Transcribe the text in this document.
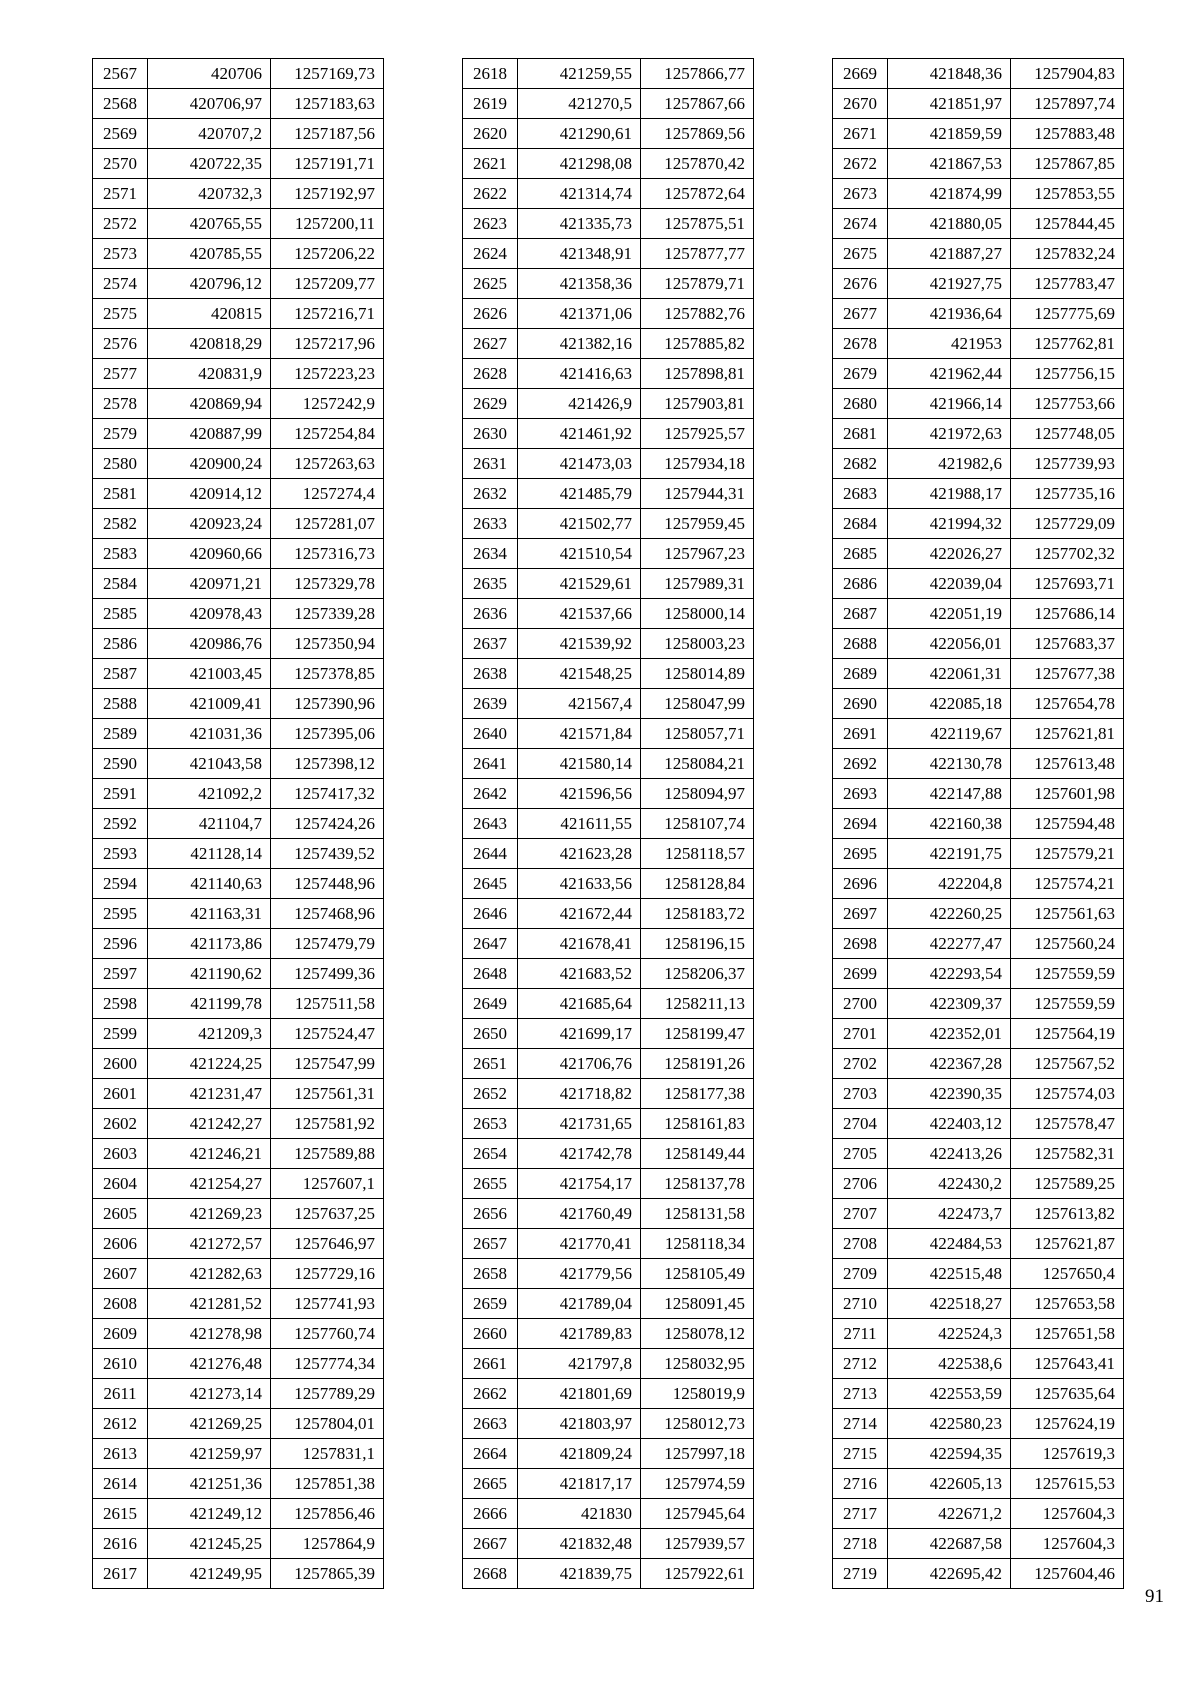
2567	420706	1257169,73
2568	420706,97	1257183,63
2569	420707,2	1257187,56
2570	420722,35	1257191,71
2571	420732,3	1257192,97
2572	420765,55	1257200,11
2573	420785,55	1257206,22
2574	420796,12	1257209,77
2575	420815	1257216,71
2576	420818,29	1257217,96
2577	420831,9	1257223,23
2578	420869,94	1257242,9
2579	420887,99	1257254,84
2580	420900,24	1257263,63
2581	420914,12	1257274,4
2582	420923,24	1257281,07
2583	420960,66	1257316,73
2584	420971,21	1257329,78
2585	420978,43	1257339,28
2586	420986,76	1257350,94
2587	421003,45	1257378,85
2588	421009,41	1257390,96
2589	421031,36	1257395,06
2590	421043,58	1257398,12
2591	421092,2	1257417,32
2592	421104,7	1257424,26
2593	421128,14	1257439,52
2594	421140,63	1257448,96
2595	421163,31	1257468,96
2596	421173,86	1257479,79
2597	421190,62	1257499,36
2598	421199,78	1257511,58
2599	421209,3	1257524,47
2600	421224,25	1257547,99
2601	421231,47	1257561,31
2602	421242,27	1257581,92
2603	421246,21	1257589,88
2604	421254,27	1257607,1
2605	421269,23	1257637,25
2606	421272,57	1257646,97
2607	421282,63	1257729,16
2608	421281,52	1257741,93
2609	421278,98	1257760,74
2610	421276,48	1257774,34
2611	421273,14	1257789,29
2612	421269,25	1257804,01
2613	421259,97	1257831,1
2614	421251,36	1257851,38
2615	421249,12	1257856,46
2616	421245,25	1257864,9
2617	421249,95	1257865,39
2618	421259,55	1257866,77
2619	421270,5	1257867,66
2620	421290,61	1257869,56
2621	421298,08	1257870,42
2622	421314,74	1257872,64
2623	421335,73	1257875,51
2624	421348,91	1257877,77
2625	421358,36	1257879,71
2626	421371,06	1257882,76
2627	421382,16	1257885,82
2628	421416,63	1257898,81
2629	421426,9	1257903,81
2630	421461,92	1257925,57
2631	421473,03	1257934,18
2632	421485,79	1257944,31
2633	421502,77	1257959,45
2634	421510,54	1257967,23
2635	421529,61	1257989,31
2636	421537,66	1258000,14
2637	421539,92	1258003,23
2638	421548,25	1258014,89
2639	421567,4	1258047,99
2640	421571,84	1258057,71
2641	421580,14	1258084,21
2642	421596,56	1258094,97
2643	421611,55	1258107,74
2644	421623,28	1258118,57
2645	421633,56	1258128,84
2646	421672,44	1258183,72
2647	421678,41	1258196,15
2648	421683,52	1258206,37
2649	421685,64	1258211,13
2650	421699,17	1258199,47
2651	421706,76	1258191,26
2652	421718,82	1258177,38
2653	421731,65	1258161,83
2654	421742,78	1258149,44
2655	421754,17	1258137,78
2656	421760,49	1258131,58
2657	421770,41	1258118,34
2658	421779,56	1258105,49
2659	421789,04	1258091,45
2660	421789,83	1258078,12
2661	421797,8	1258032,95
2662	421801,69	1258019,9
2663	421803,97	1258012,73
2664	421809,24	1257997,18
2665	421817,17	1257974,59
2666	421830	1257945,64
2667	421832,48	1257939,57
2668	421839,75	1257922,61
2669	421848,36	1257904,83
2670	421851,97	1257897,74
2671	421859,59	1257883,48
2672	421867,53	1257867,85
2673	421874,99	1257853,55
2674	421880,05	1257844,45
2675	421887,27	1257832,24
2676	421927,75	1257783,47
2677	421936,64	1257775,69
2678	421953	1257762,81
2679	421962,44	1257756,15
2680	421966,14	1257753,66
2681	421972,63	1257748,05
2682	421982,6	1257739,93
2683	421988,17	1257735,16
2684	421994,32	1257729,09
2685	422026,27	1257702,32
2686	422039,04	1257693,71
2687	422051,19	1257686,14
2688	422056,01	1257683,37
2689	422061,31	1257677,38
2690	422085,18	1257654,78
2691	422119,67	1257621,81
2692	422130,78	1257613,48
2693	422147,88	1257601,98
2694	422160,38	1257594,48
2695	422191,75	1257579,21
2696	422204,8	1257574,21
2697	422260,25	1257561,63
2698	422277,47	1257560,24
2699	422293,54	1257559,59
2700	422309,37	1257559,59
2701	422352,01	1257564,19
2702	422367,28	1257567,52
2703	422390,35	1257574,03
2704	422403,12	1257578,47
2705	422413,26	1257582,31
2706	422430,2	1257589,25
2707	422473,7	1257613,82
2708	422484,53	1257621,87
2709	422515,48	1257650,4
2710	422518,27	1257653,58
2711	422524,3	1257651,58
2712	422538,6	1257643,41
2713	422553,59	1257635,64
2714	422580,23	1257624,19
2715	422594,35	1257619,3
2716	422605,13	1257615,53
2717	422671,2	1257604,3
2718	422687,58	1257604,3
2719	422695,42	1257604,46
91
